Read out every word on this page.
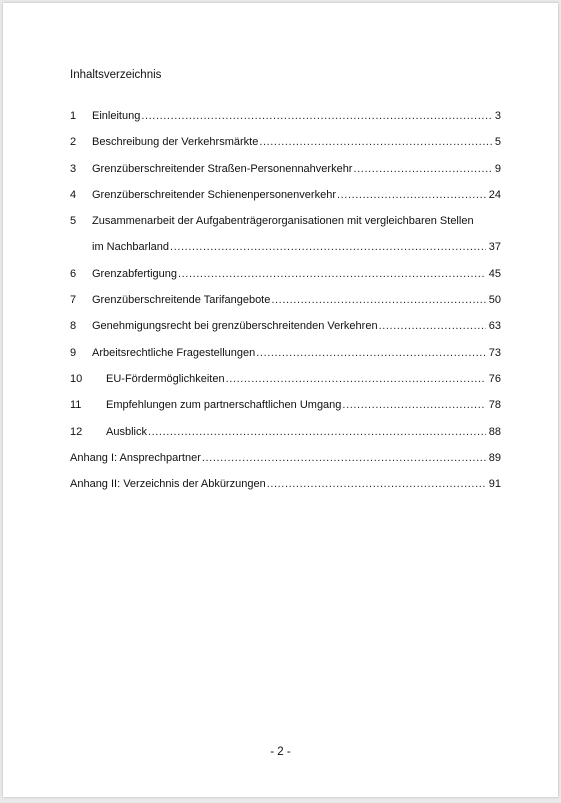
Inhaltsverzeichnis
1	Einleitung .....	3
2	Beschreibung der Verkehrsmärkte .....	5
3	Grenzüberschreitender Straßen-Personennahverkehr .....	9
4	Grenzüberschreitender Schienenpersonenverkehr .....	24
5	Zusammenarbeit der Aufgabenträgerorganisationen mit vergleichbaren Stellen
im Nachbarland .....	37
6	Grenzabfertigung .....	45
7	Grenzüberschreitende Tarifangebote .....	50
8	Genehmigungsrecht bei grenzüberschreitenden Verkehren .....	63
9	Arbeitsrechtliche Fragestellungen .....	73
10	EU-Fördermöglichkeiten .....	76
11	Empfehlungen zum partnerschaftlichen Umgang .....	78
12	Ausblick .....	88
Anhang I: Ansprechpartner .....	89
Anhang II: Verzeichnis der Abkürzungen .....	91
- 2 -
